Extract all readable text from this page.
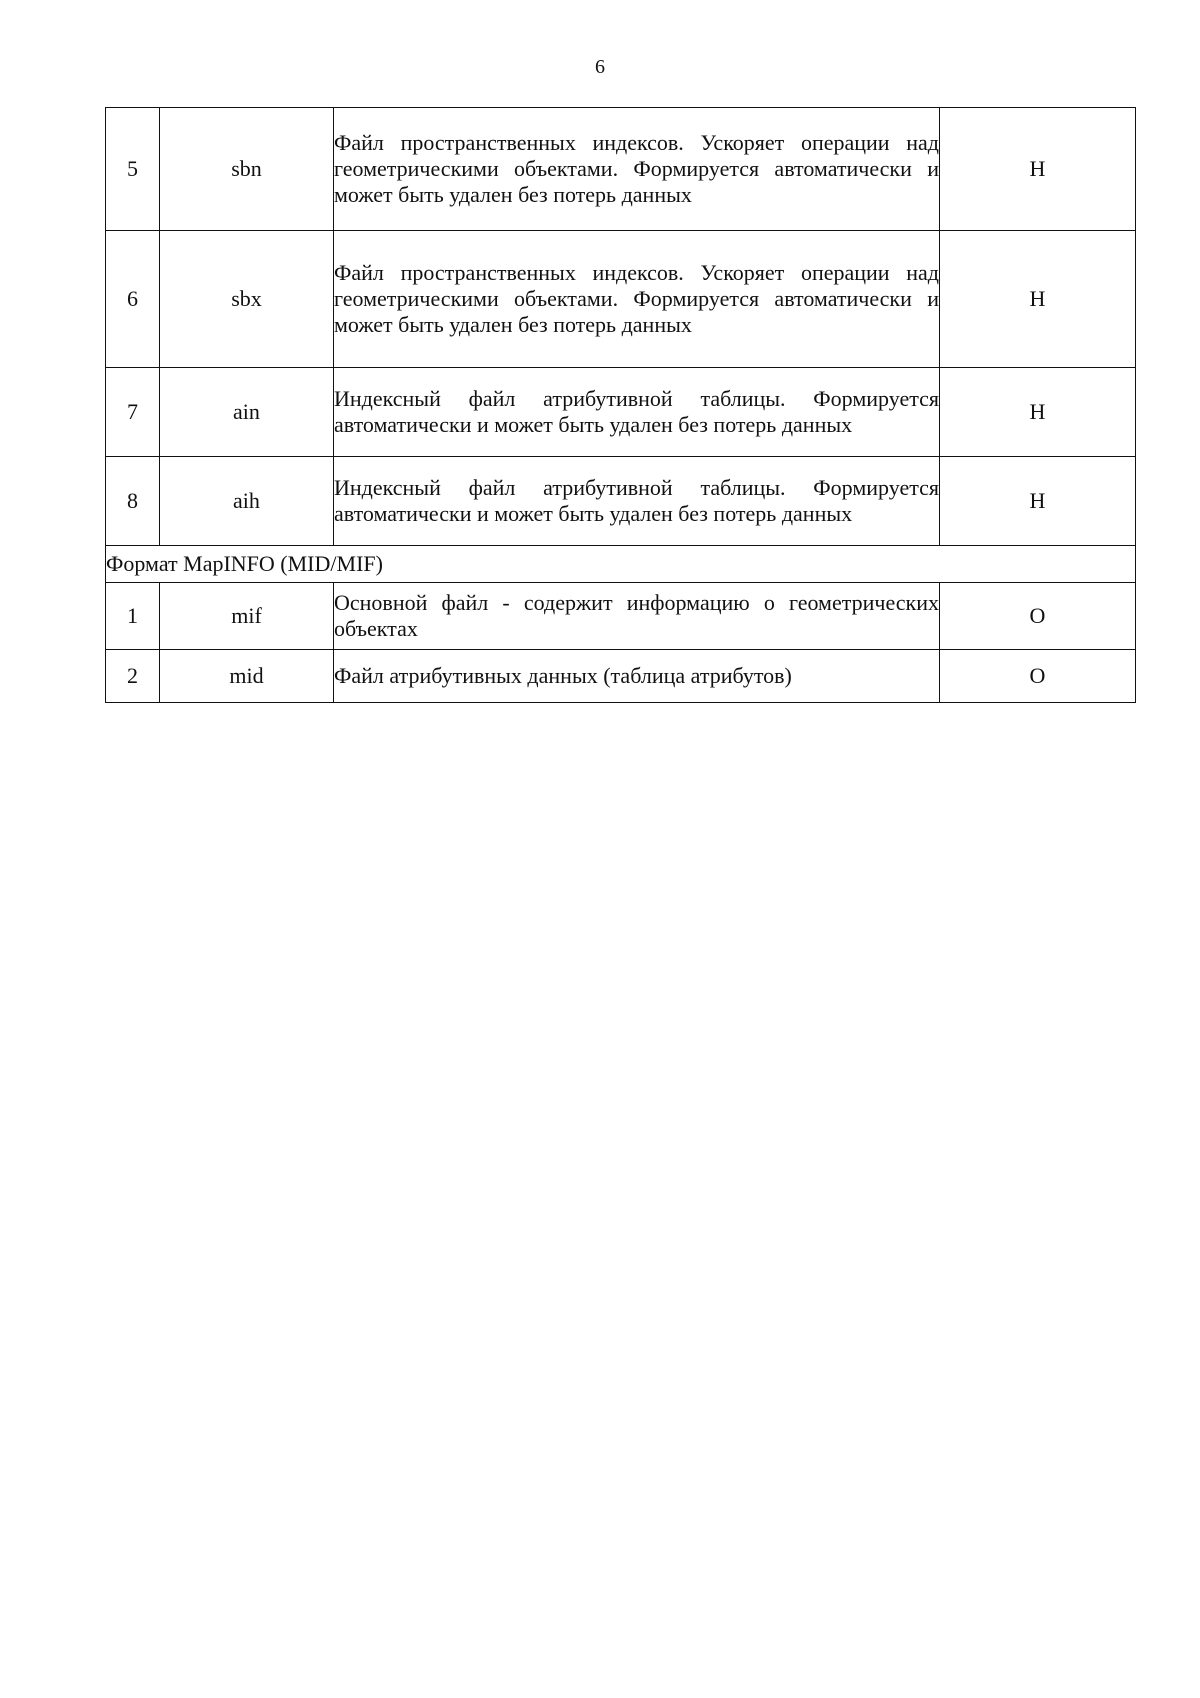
6
5	sbn	Файл пространственных индексов. Ускоряет операции над геометрическими объектами. Формируется автоматически и может быть удален без потерь данных	Н
6	sbx	Файл пространственных индексов. Ускоряет операции над геометрическими объектами. Формируется автоматически и может быть удален без потерь данных	Н
7	ain	Индексный файл атрибутивной таблицы. Формируется автоматически и может быть удален без потерь данных	Н
8	aih	Индексный файл атрибутивной таблицы. Формируется автоматически и может быть удален без потерь данных	Н
Формат MapINFO (MID/MIF)			
1	mif	Основной файл - содержит информацию о геометрических объектах	О
2	mid	Файл атрибутивных данных (таблица атрибутов)	О
